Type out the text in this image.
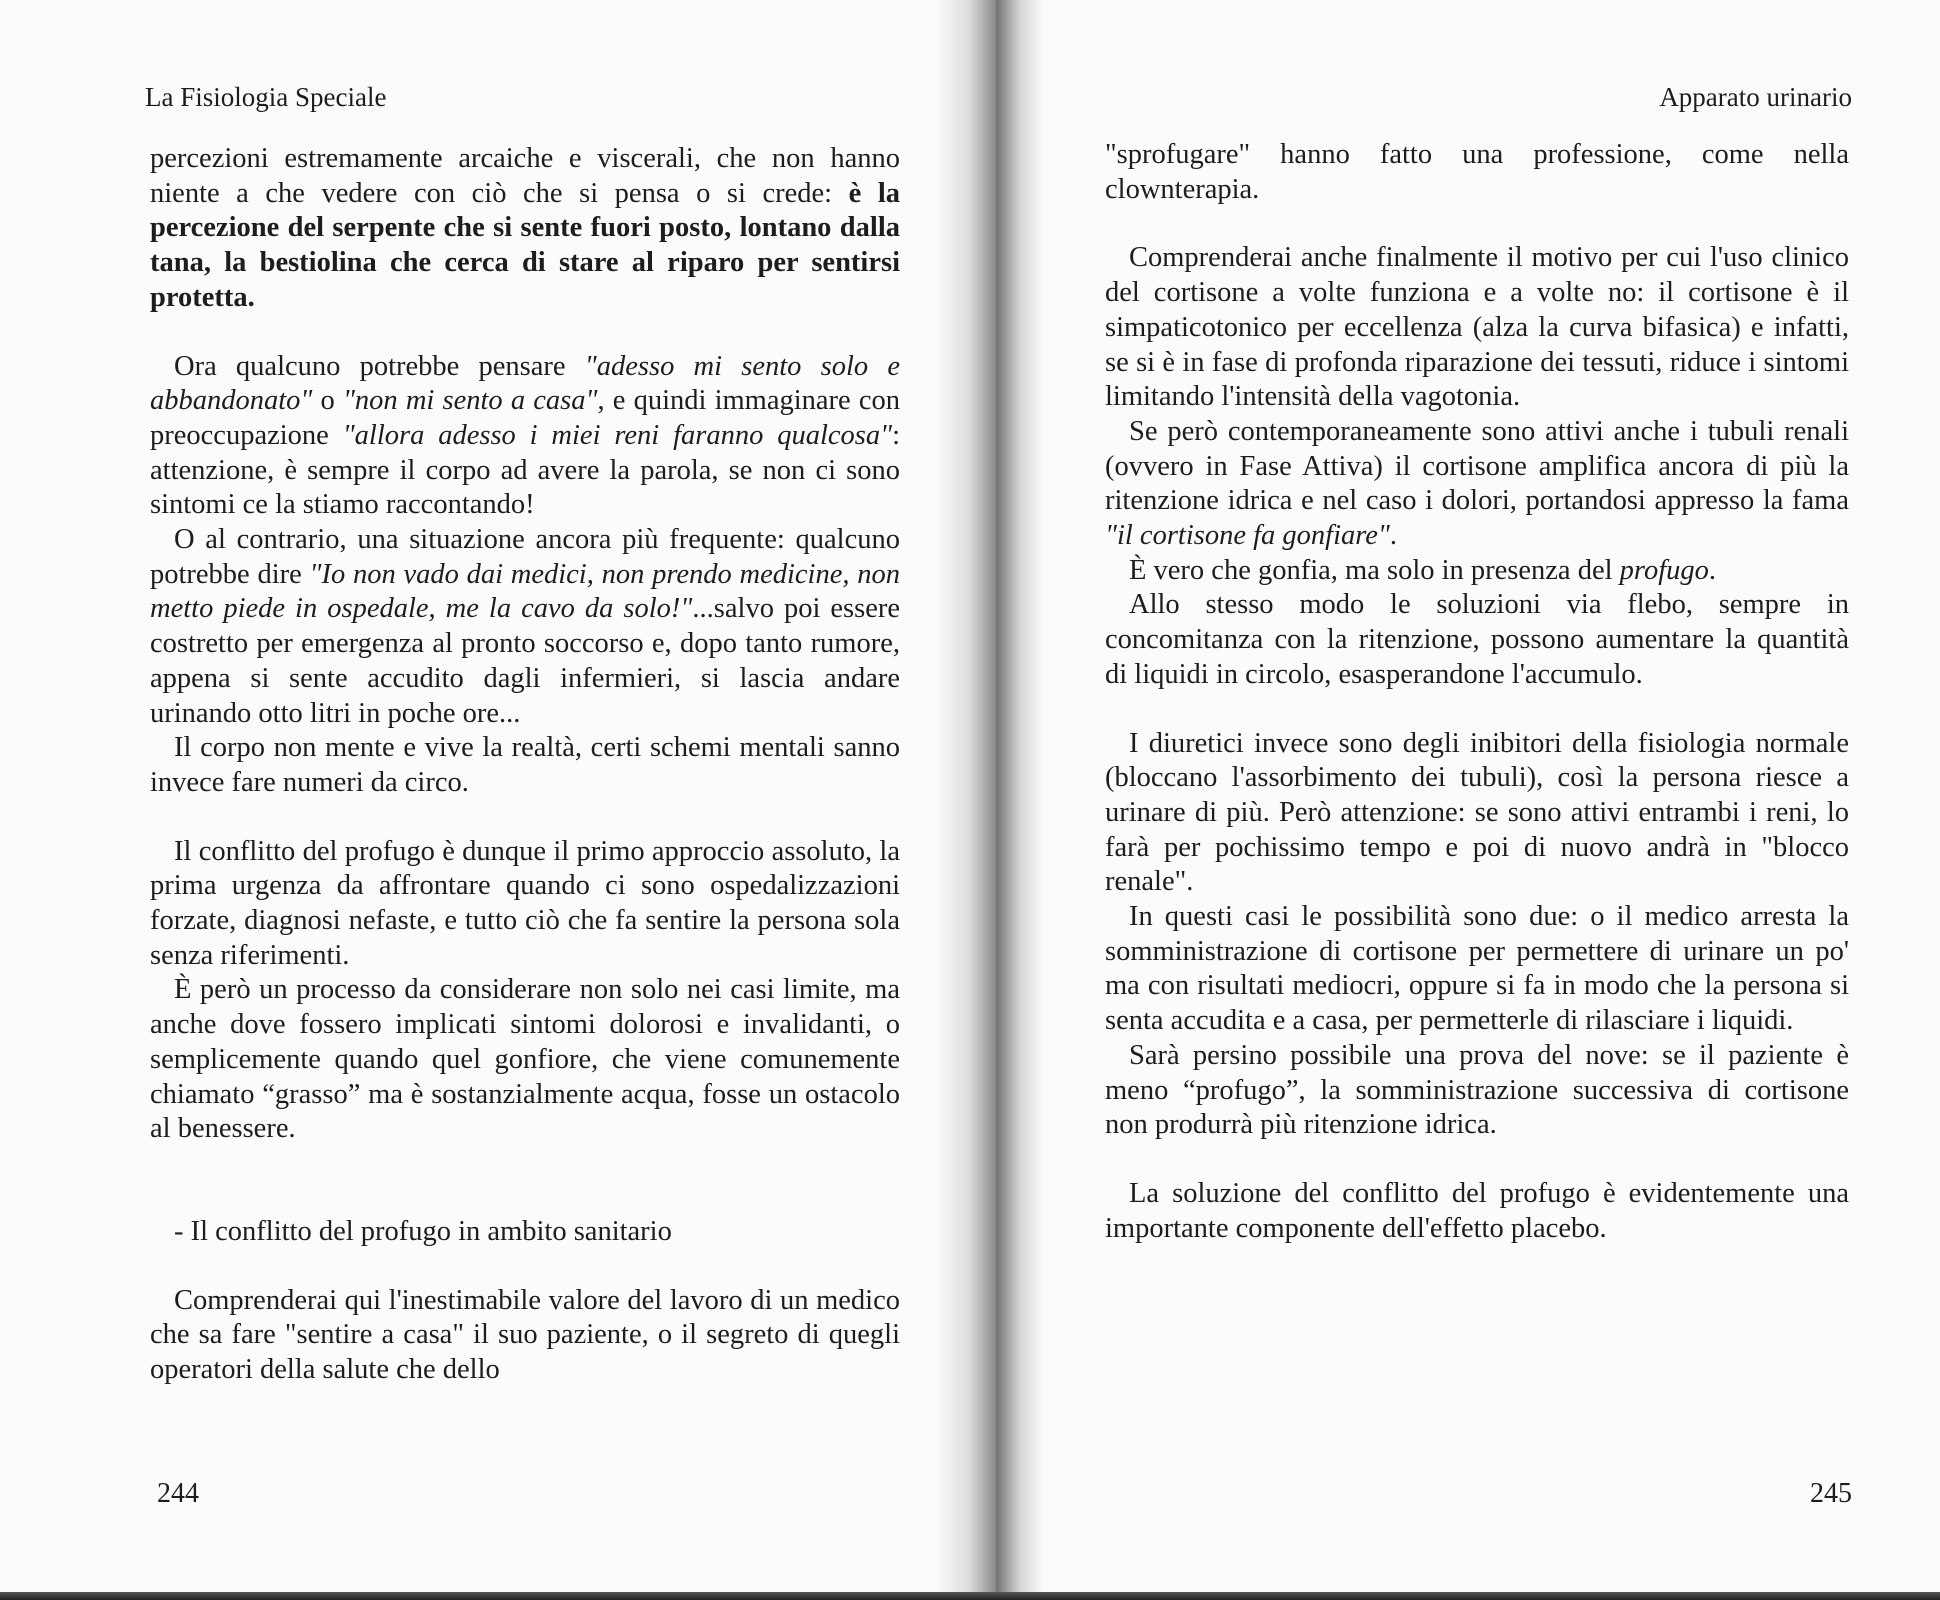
La Fisiologia Speciale

percezioni estremamente arcaiche e viscerali, che non hanno niente a che vedere con ciò che si pensa o si crede: è la percezione del serpente che si sente fuori posto, lontano dalla tana, la bestiolina che cerca di stare al riparo per sentirsi protetta.

Ora qualcuno potrebbe pensare "adesso mi sento solo e abbandonato" o "non mi sento a casa", e quindi immaginare con preoccupazione "allora adesso i miei reni faranno qualcosa": attenzione, è sempre il corpo ad avere la parola, se non ci sono sintomi ce la stiamo raccontando!

O al contrario, una situazione ancora più frequente: qualcuno potrebbe dire "Io non vado dai medici, non prendo medicine, non metto piede in ospedale, me la cavo da solo!"...salvo poi essere costretto per emergenza al pronto soccorso e, dopo tanto rumore, appena si sente accudito dagli infermieri, si lascia andare urinando otto litri in poche ore...

Il corpo non mente e vive la realtà, certi schemi mentali sanno invece fare numeri da circo.

Il conflitto del profugo è dunque il primo approccio assoluto, la prima urgenza da affrontare quando ci sono ospedalizzazioni forzate, diagnosi nefaste, e tutto ciò che fa sentire la persona sola senza riferimenti.

È però un processo da considerare non solo nei casi limite, ma anche dove fossero implicati sintomi dolorosi e invalidanti, o semplicemente quando quel gonfiore, che viene comunemente chiamato “grasso” ma è sostanzialmente acqua, fosse un ostacolo al benessere.

- Il conflitto del profugo in ambito sanitario

Comprenderai qui l'inestimabile valore del lavoro di un medico che sa fare "sentire a casa" il suo paziente, o il segreto di quegli operatori della salute che dello

244
Apparato urinario

"sprofugare" hanno fatto una professione, come nella clownterapia.

Comprenderai anche finalmente il motivo per cui l'uso clinico del cortisone a volte funziona e a volte no: il cortisone è il simpaticotonico per eccellenza (alza la curva bifasica) e infatti, se si è in fase di profonda riparazione dei tessuti, riduce i sintomi limitando l'intensità della vagotonia.

Se però contemporaneamente sono attivi anche i tubuli renali (ovvero in Fase Attiva) il cortisone amplifica ancora di più la ritenzione idrica e nel caso i dolori, portandosi appresso la fama "il cortisone fa gonfiare".

È vero che gonfia, ma solo in presenza del profugo.

Allo stesso modo le soluzioni via flebo, sempre in concomitanza con la ritenzione, possono aumentare la quantità di liquidi in circolo, esasperandone l'accumulo.

I diuretici invece sono degli inibitori della fisiologia normale (bloccano l'assorbimento dei tubuli), così la persona riesce a urinare di più. Però attenzione: se sono attivi entrambi i reni, lo farà per pochissimo tempo e poi di nuovo andrà in "blocco renale".

In questi casi le possibilità sono due: o il medico arresta la somministrazione di cortisone per permettere di urinare un po' ma con risultati mediocri, oppure si fa in modo che la persona si senta accudita e a casa, per permetterle di rilasciare i liquidi.

Sarà persino possibile una prova del nove: se il paziente è meno “profugo”, la somministrazione successiva di cortisone non produrrà più ritenzione idrica.

La soluzione del conflitto del profugo è evidentemente una importante componente dell'effetto placebo.

245
